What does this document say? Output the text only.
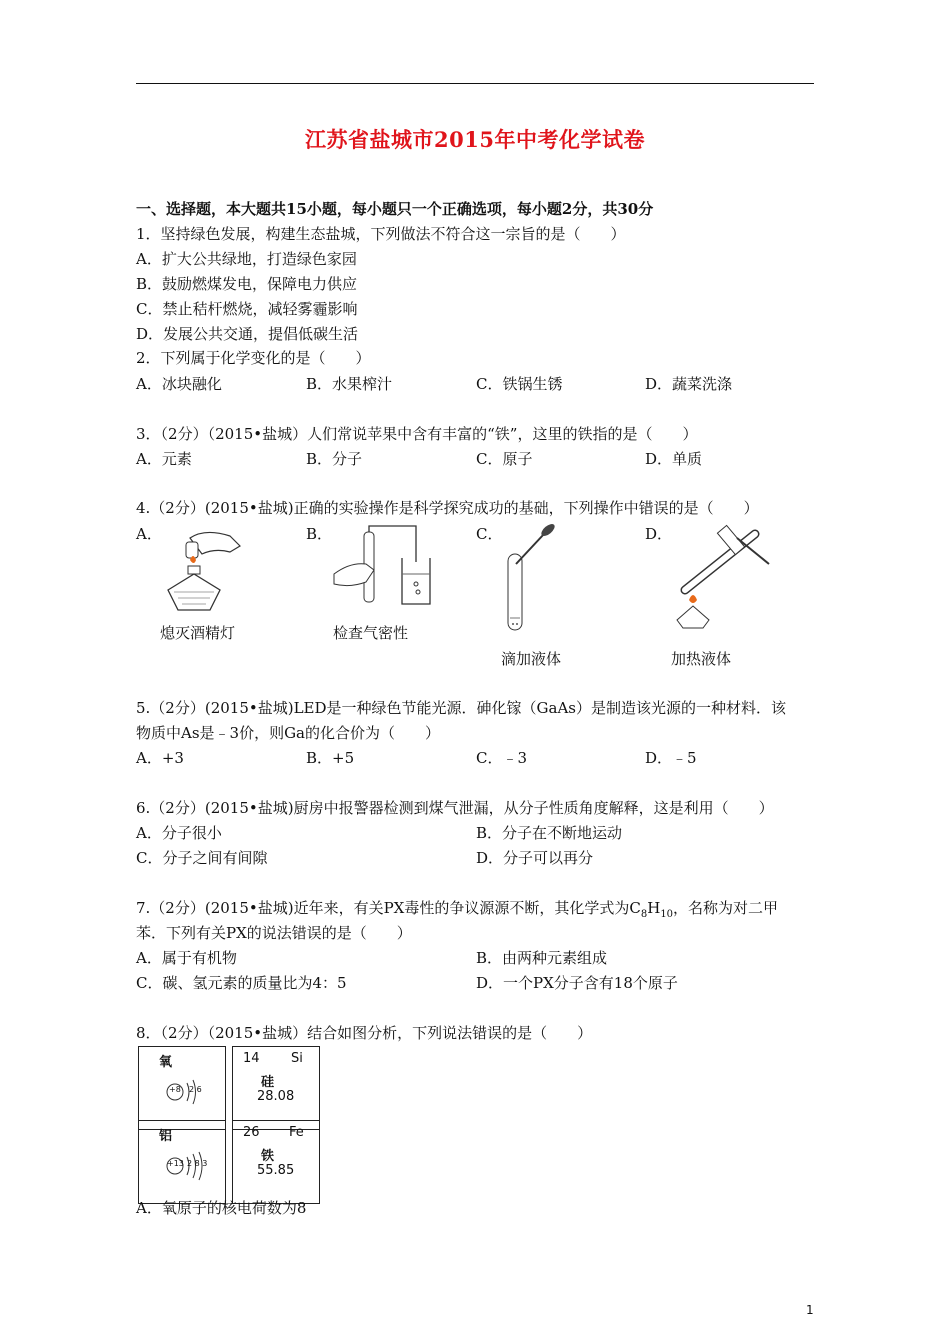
江苏省盐城市2015年中考化学试卷
一、选择题，本大题共15小题，每小题只一个正确选项，每小题2分，共30分
1．坚持绿色发展，构建生态盐城，下列做法不符合这一宗旨的是（　　）
A．扩大公共绿地，打造绿色家园
B．鼓励燃煤发电，保障电力供应
C．禁止秸杆燃烧，减轻雾霾影响
D．发展公共交通，提倡低碳生活
2．下列属于化学变化的是（　　）
A．冰块融化	B．水果榨汁	C．铁锅生锈	D．蔬菜洗涤
3．（2分）（2015•盐城）人们常说苹果中含有丰富的“铁”，这里的铁指的是（　　）
A．元素	B．分子	C．原子	D．单质
4.（2分）(2015•盐城)正确的实验操作是科学探究成功的基础，下列操作中错误的是（　　）
A．	B．	C．	D．
熄灭酒精灯	检查气密性
滴加液体	加热液体
5.（2分）(2015•盐城)LED是一种绿色节能光源．砷化镓（GaAs）是制造该光源的一种材料．该
物质中As是﹣3价，则Ga的化合价为（　　）
A．+3	B．+5	C．﹣3	D．﹣5
6.（2分）(2015•盐城)厨房中报警器检测到煤气泄漏，从分子性质角度解释，这是利用（　　）
A．分子很小	B．分子在不断地运动
C．分子之间有间隙	D．分子可以再分
7.（2分）(2015•盐城)近年来，有关PX毒性的争议源源不断，其化学式为$C_8H_{10}$，名称为对二甲
苯．下列有关PX的说法错误的是（　　）
A．属于有机物	B．由两种元素组成
C．碳、氢元素的质量比为4：5	D．一个PX分子含有18个原子
8．（2分）（2015•盐城）结合如图分析，下列说法错误的是（　　）
氧
+8 2 6
14 Si
硅
28.08
铝
+13 2 8 3
26 Fe
铁
55.85
A．氧原子的核电荷数为8
1
